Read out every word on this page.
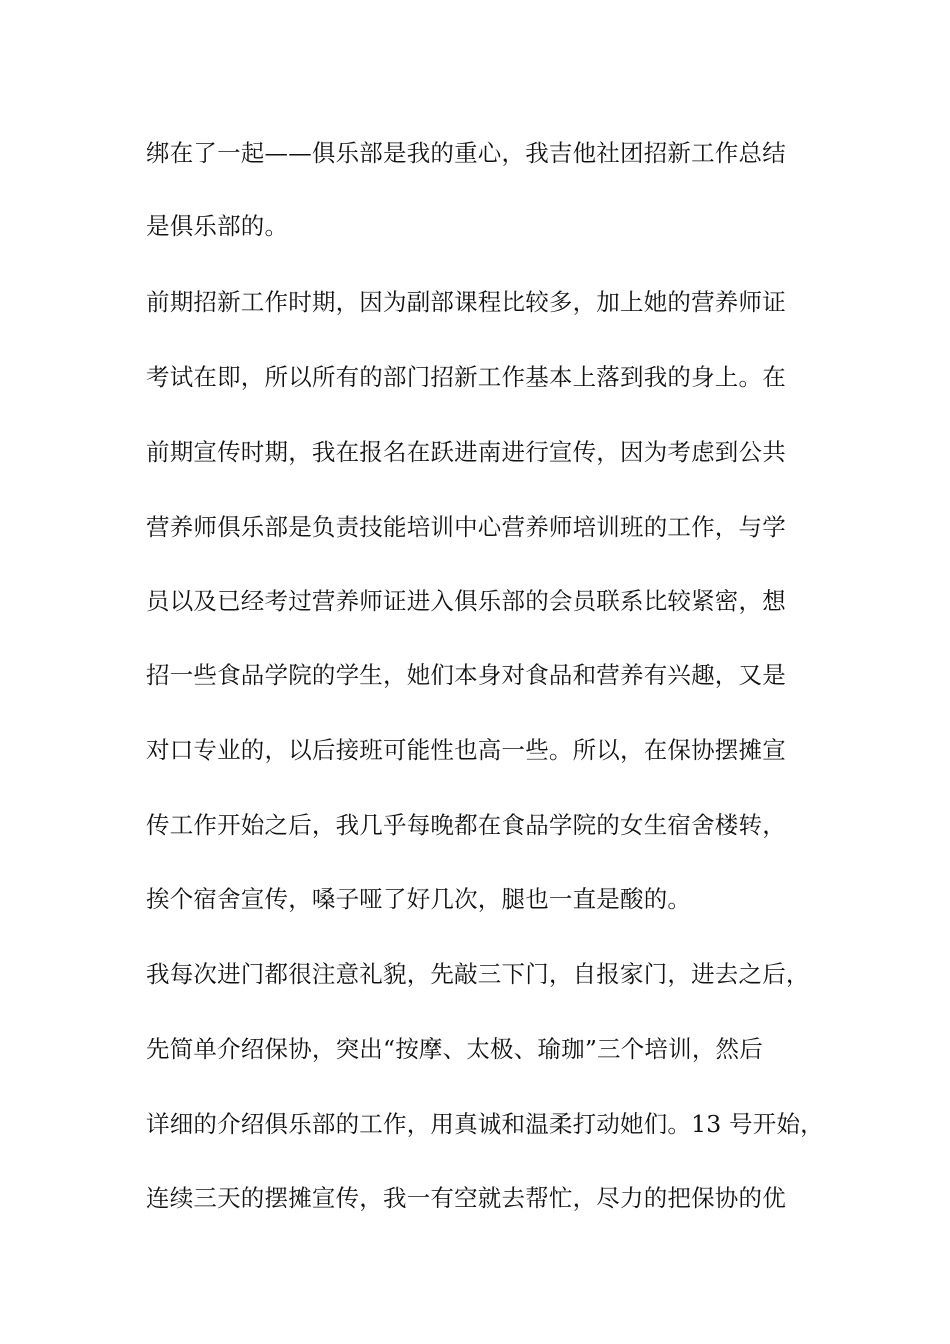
绑在了一起——俱乐部是我的重心，我吉他社团招新工作总结
是俱乐部的。
前期招新工作时期，因为副部课程比较多，加上她的营养师证
考试在即，所以所有的部门招新工作基本上落到我的身上。在
前期宣传时期，我在报名在跃进南进行宣传，因为考虑到公共
营养师俱乐部是负责技能培训中心营养师培训班的工作，与学
员以及已经考过营养师证进入俱乐部的会员联系比较紧密，想
招一些食品学院的学生，她们本身对食品和营养有兴趣，又是
对口专业的，以后接班可能性也高一些。所以，在保协摆摊宣
传工作开始之后，我几乎每晚都在食品学院的女生宿舍楼转，
挨个宿舍宣传，嗓子哑了好几次，腿也一直是酸的。
我每次进门都很注意礼貌，先敲三下门，自报家门，进去之后，
先简单介绍保协，突出“按摩、太极、瑜珈”三个培训，然后
详细的介绍俱乐部的工作，用真诚和温柔打动她们。13 号开始，
连续三天的摆摊宣传，我一有空就去帮忙，尽力的把保协的优
